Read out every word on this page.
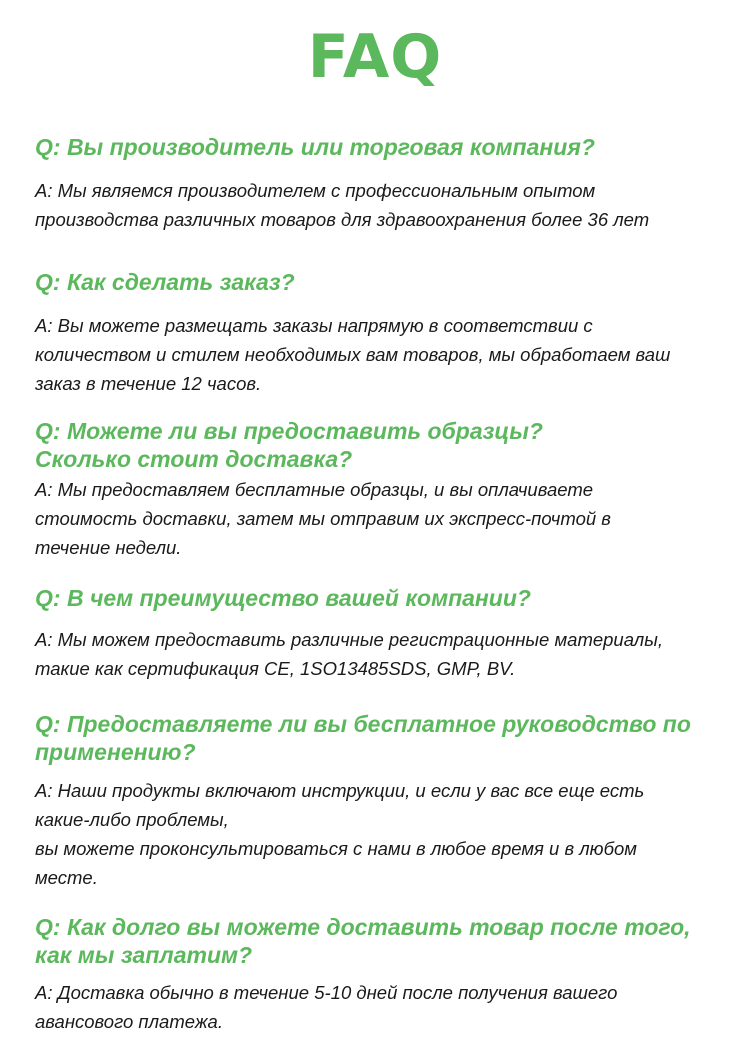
FAQ
Q: Вы производитель или торговая компания?

A: Мы являемся производителем с профессиональным опытом
производства различных товаров для здравоохранения более 36 лет

Q: Как сделать заказ?

A: Вы можете размещать заказы напрямую в соответствии с
количеством и стилем необходимых вам товаров, мы обработаем ваш
заказ в течение 12 часов.

Q: Можете ли вы предоставить образцы?
Сколько стоит доставка?

A: Мы предоставляем бесплатные образцы, и вы оплачиваете
стоимость доставки, затем мы отправим их экспресс-почтой в
течение недели.

Q: В чем преимущество вашей компании?

A: Мы можем предоставить различные регистрационные материалы,
такие как сертификация CE, 1SO13485SDS, GMP, BV.

Q: Предоставляете ли вы бесплатное руководство по
применению?

A: Наши продукты включают инструкции, и если у вас все еще есть
какие-либо проблемы,
вы можете проконсультироваться с нами в любое время и в любом
месте.

Q: Как долго вы можете доставить товар после того,
как мы заплатим?

A: Доставка обычно в течение 5-10 дней после получения вашего
авансового платежа.
